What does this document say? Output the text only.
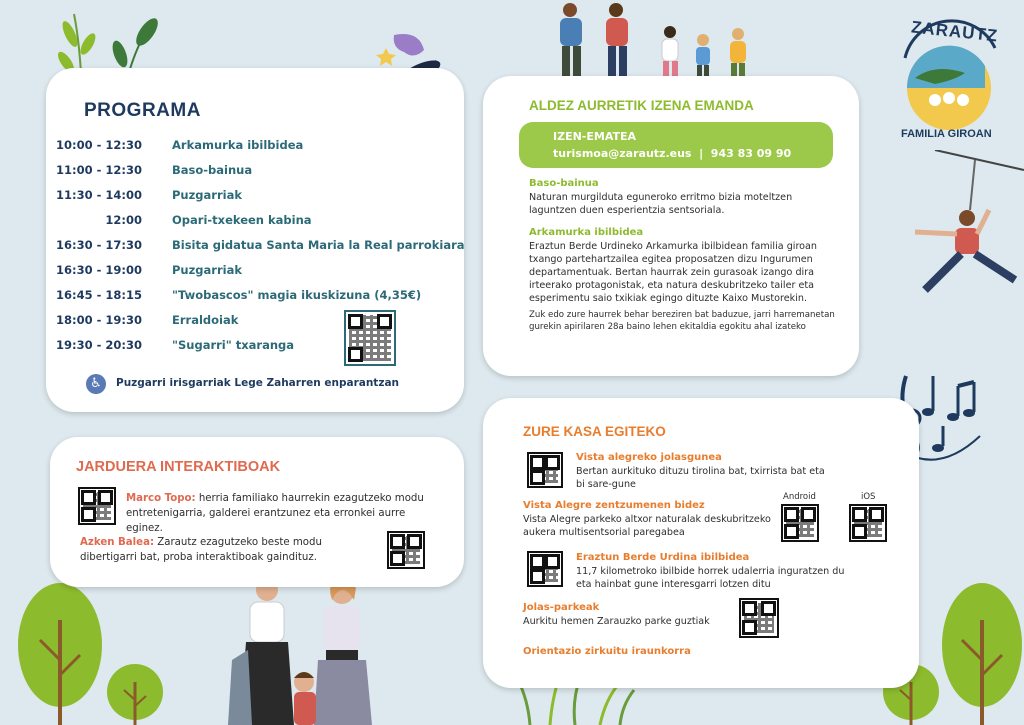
ZARAUTZ
FAMILIA GIROAN
PROGRAMA
10:00 - 12:30	Arkamurka ibilbidea
11:00 - 12:30	Baso-bainua
11:30 - 14:00	Puzgarriak
12:00	Opari-txekeen kabina
16:30 - 17:30	Bisita gidatua Santa Maria la Real parrokiara
16:30 - 19:00	Puzgarriak
16:45 - 18:15	"Twobascos" magia ikuskizuna (4,35€)
18:00 - 19:30	Erraldoiak
19:30 - 20:30	"Sugarri" txaranga
♿	Puzgarri irisgarriak Lege Zaharren enparantzan
JARDUERA INTERAKTIBOAK
Marco Topo: herria familiako haurrekin ezagutzeko modu entretenigarria, galderei erantzunez eta erronkei aurre eginez.
Azken Balea: Zarautz ezagutzeko beste modu dibertigarri bat, proba interaktiboak gaindituz.
ALDEZ AURRETIK IZENA EMANDA
IZEN-EMATEA
turismoa@zarautz.eus  |  943 83 09 90
Baso-bainua
Naturan murgilduta eguneroko erritmo bizia moteltzen laguntzen duen esperientzia sentsoriala.
Arkamurka ibilbidea
Eraztun Berde Urdineko Arkamurka ibilbidean familia giroan txango partehartzailea egitea proposatzen dizu Ingurumen departamentuak. Bertan haurrak zein gurasoak izango dira irteerako protagonistak, eta natura deskubritzeko tailer eta esperimentu saio txikiak egingo dituzte Kaixo Mustorekin.
Zuk edo zure haurrek behar bereziren bat baduzue, jarri harremanetan gurekin apirilaren 28a baino lehen ekitaldia egokitu ahal izateko
ZURE KASA EGITEKO
Vista alegreko jolasgunea
Bertan aurkituko dituzu tirolina bat, txirrista bat eta bi sare-gune
Vista Alegre zentzumenen bidez
Vista Alegre parkeko altxor naturalak deskubritzeko aukera multisentsorial paregabea
Android	iOS
Eraztun Berde Urdina ibilbidea
11,7 kilometroko ibilbide horrek udalerria inguratzen du eta hainbat gune interesgarri lotzen ditu
Jolas-parkeak
Aurkitu hemen Zarauzko parke guztiak
Orientazio zirkuitu iraunkorra
